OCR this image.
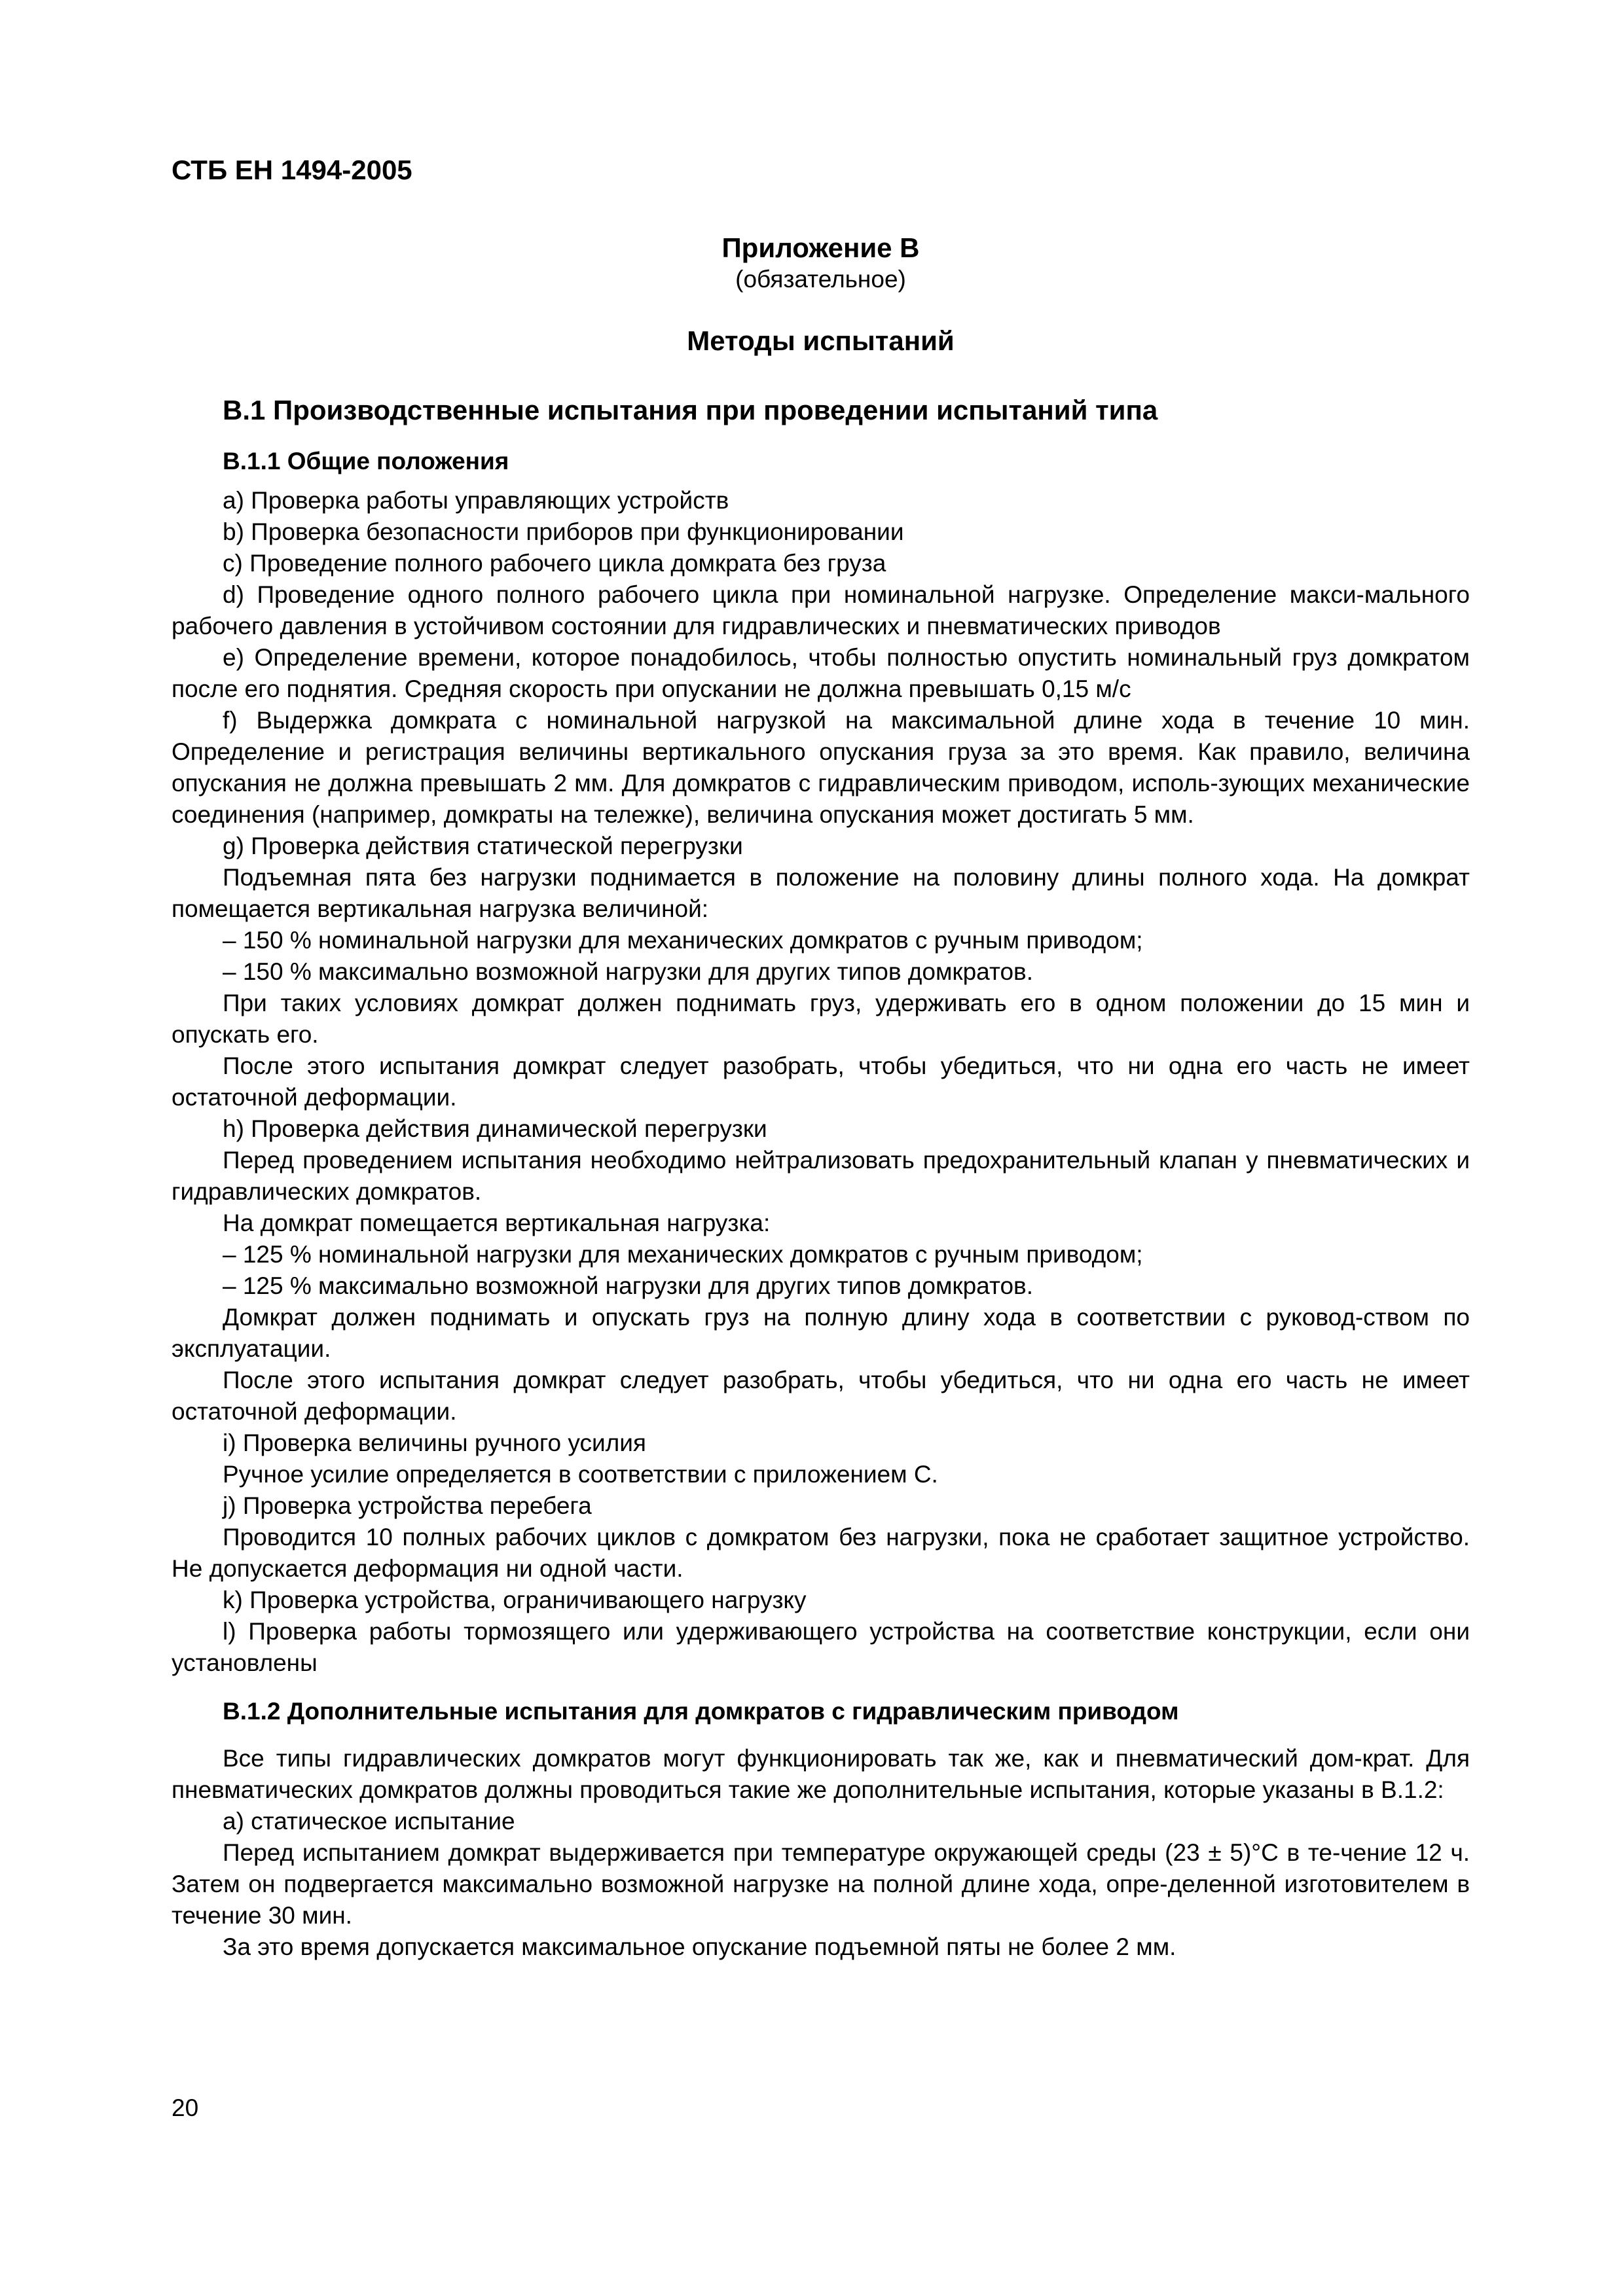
СТБ ЕН 1494-2005
Приложение В
(обязательное)
Методы испытаний
В.1 Производственные испытания при проведении испытаний типа
В.1.1 Общие положения

a) Проверка работы управляющих устройств

b) Проверка безопасности приборов при функционировании

c) Проведение полного рабочего цикла домкрата без груза

d) Проведение одного полного рабочего цикла при номинальной нагрузке. Определение макси-мального рабочего давления в устойчивом состоянии для гидравлических и пневматических приводов

e) Определение времени, которое понадобилось, чтобы полностью опустить номинальный груз домкратом после его поднятия. Средняя скорость при опускании не должна превышать 0,15 м/с

f) Выдержка домкрата с номинальной нагрузкой на максимальной длине хода в течение 10 мин. Определение и регистрация величины вертикального опускания груза за это время. Как правило, величина опускания не должна превышать 2 мм. Для домкратов с гидравлическим приводом, исполь-зующих механические соединения (например, домкраты на тележке), величина опускания может достигать 5 мм.

g) Проверка действия статической перегрузки

Подъемная пята без нагрузки поднимается в положение на половину длины полного хода. На домкрат помещается вертикальная нагрузка величиной:

– 150 % номинальной нагрузки для механических домкратов с ручным приводом;

– 150 % максимально возможной нагрузки для других типов домкратов.

При таких условиях домкрат должен поднимать груз, удерживать его в одном положении до 15 мин и опускать его.

После этого испытания домкрат следует разобрать, чтобы убедиться, что ни одна его часть не имеет остаточной деформации.

h) Проверка действия динамической перегрузки

Перед проведением испытания необходимо нейтрализовать предохранительный клапан у пневматических и гидравлических домкратов.

На домкрат помещается вертикальная нагрузка:

– 125 % номинальной нагрузки для механических домкратов с ручным приводом;

– 125 % максимально возможной нагрузки для других типов домкратов.

Домкрат должен поднимать и опускать груз на полную длину хода в соответствии с руковод-ством по эксплуатации.

После этого испытания домкрат следует разобрать, чтобы убедиться, что ни одна его часть не имеет остаточной деформации.

i) Проверка величины ручного усилия

Ручное усилие определяется в соответствии с приложением С.

j) Проверка устройства перебега

Проводится 10 полных рабочих циклов с домкратом без нагрузки, пока не сработает защитное устройство. Не допускается деформация ни одной части.

k) Проверка устройства, ограничивающего нагрузку

l) Проверка работы тормозящего или удерживающего устройства на соответствие конструкции, если они установлены

В.1.2 Дополнительные испытания для домкратов с гидравлическим приводом

Все типы гидравлических домкратов могут функционировать так же, как и пневматический дом-крат. Для пневматических домкратов должны проводиться такие же дополнительные испытания, которые указаны в В.1.2:

a) статическое испытание

Перед испытанием домкрат выдерживается при температуре окружающей среды (23 ± 5)°C в те-чение 12 ч. Затем он подвергается максимально возможной нагрузке на полной длине хода, опре-деленной изготовителем в течение 30 мин.

За это время допускается максимальное опускание подъемной пяты не более 2 мм.

20
